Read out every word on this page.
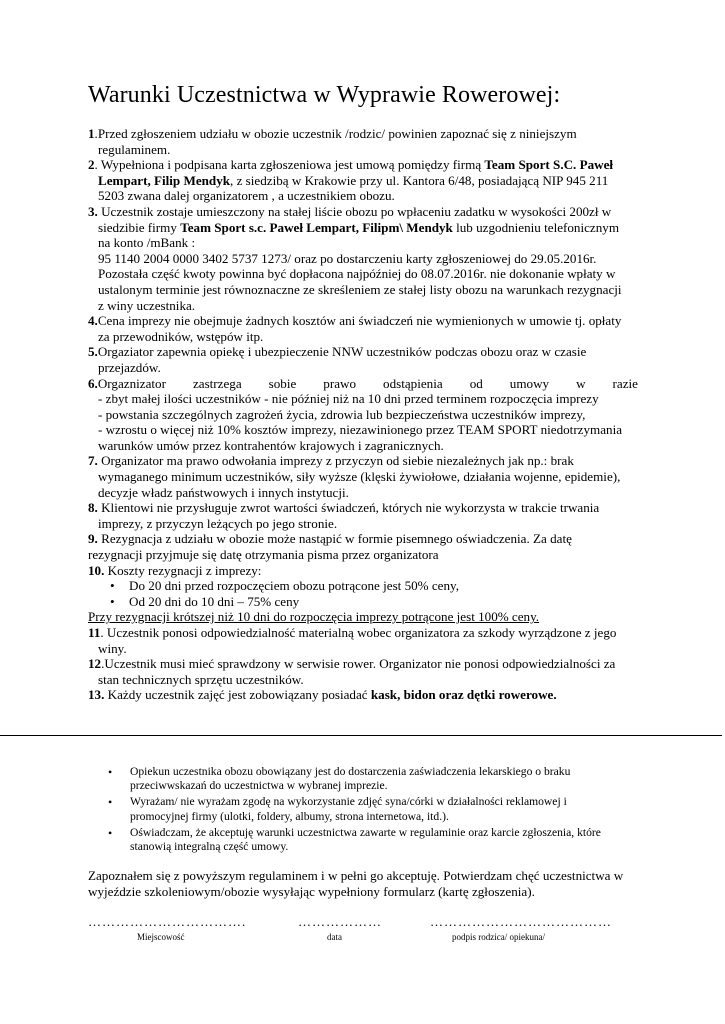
Warunki Uczestnictwa w Wyprawie Rowerowej:
1.Przed zgłoszeniem udziału w obozie uczestnik /rodzic/ powinien zapoznać się z niniejszym
regulaminem.
2. Wypełniona i podpisana karta zgłoszeniowa jest umową pomiędzy firmą Team Sport S.C. Paweł
Lempart, Filip Mendyk, z siedzibą w Krakowie przy ul. Kantora 6/48, posiadającą NIP 945 211
5203 zwana dalej organizatorem , a uczestnikiem obozu.
3. Uczestnik zostaje umieszczony na stałej liście obozu po wpłaceniu zadatku w wysokości 200zł w
siedzibie firmy Team Sport s.c. Paweł Lempart, Filipm\ Mendyk lub uzgodnieniu telefonicznym
na konto /mBank :
95 1140 2004 0000 3402 5737 1273/ oraz po dostarczeniu karty zgłoszeniowej do 29.05.2016r.
Pozostała część kwoty powinna być dopłacona najpóźniej do 08.07.2016r. nie dokonanie wpłaty w
ustalonym terminie jest równoznaczne ze skreśleniem ze stałej listy obozu na warunkach rezygnacji
z winy uczestnika.
4.Cena imprezy nie obejmuje żadnych kosztów ani świadczeń nie wymienionych w umowie tj. opłaty
za przewodników, wstępów itp.
5.Orgaziator zapewnia opiekę i ubezpieczenie NNW uczestników podczas obozu oraz w czasie
przejazdów.
6.Orgaznizator zastrzega sobie prawo odstąpienia od umowy w razie
- zbyt małej ilości uczestników - nie później niż na 10 dni przed terminem rozpoczęcia imprezy
- powstania szczególnych zagrożeń życia, zdrowia lub bezpieczeństwa uczestników imprezy,
- wzrostu o więcej niż 10% kosztów imprezy, niezawinionego przez TEAM SPORT niedotrzymania
warunków umów przez kontrahentów krajowych i zagranicznych.
7. Organizator ma prawo odwołania imprezy z przyczyn od siebie niezależnych jak np.: brak
wymaganego minimum uczestników, siły wyższe (klęski żywiołowe, działania wojenne, epidemie),
decyzje władz państwowych i innych instytucji.
8. Klientowi nie przysługuje zwrot wartości świadczeń, których nie wykorzysta w trakcie trwania
imprezy, z przyczyn leżących po jego stronie.
9. Rezygnacja z udziału w obozie może nastąpić w formie pisemnego oświadczenia. Za datę
rezygnacji przyjmuje się datę otrzymania pisma przez organizatora
10. Koszty rezygnacji z imprezy:
• Do 20 dni przed rozpoczęciem obozu potrącone jest 50% ceny,
• Od 20 dni do 10 dni – 75% ceny
Przy rezygnacji krótszej niż 10 dni do rozpoczęcia imprezy potrącone jest 100% ceny.
11. Uczestnik ponosi odpowiedzialność materialną wobec organizatora za szkody wyrządzone z jego
winy.
12.Uczestnik musi mieć sprawdzony w serwisie rower. Organizator nie ponosi odpowiedzialności za
stan technicznych sprzętu uczestników.
13. Każdy uczestnik zajęć jest zobowiązany posiadać kask, bidon oraz dętki rowerowe.
• Opiekun uczestnika obozu obowiązany jest do dostarczenia zaświadczenia lekarskiego o braku przeciwwskazań do uczestnictwa w wybranej imprezie.
• Wyrażam/ nie wyrażam zgodę na wykorzystanie zdjęć syna/córki w działalności reklamowej i promocyjnej firmy (ulotki, foldery, albumy, strona internetowa, itd.).
• Oświadczam, że akceptuję warunki uczestnictwa zawarte w regulaminie oraz karcie zgłoszenia, które stanowią integralną część umowy.
Zapoznałem się z powyższym regulaminem i w pełni go akceptuję. Potwierdzam chęć uczestnictwa w wyjeździe szkoleniowym/obozie wysyłając wypełniony formularz (kartę zgłoszenia).
…………………………….	………………	…………………………………
Miejscowość	data	podpis rodzica/ opiekuna/
